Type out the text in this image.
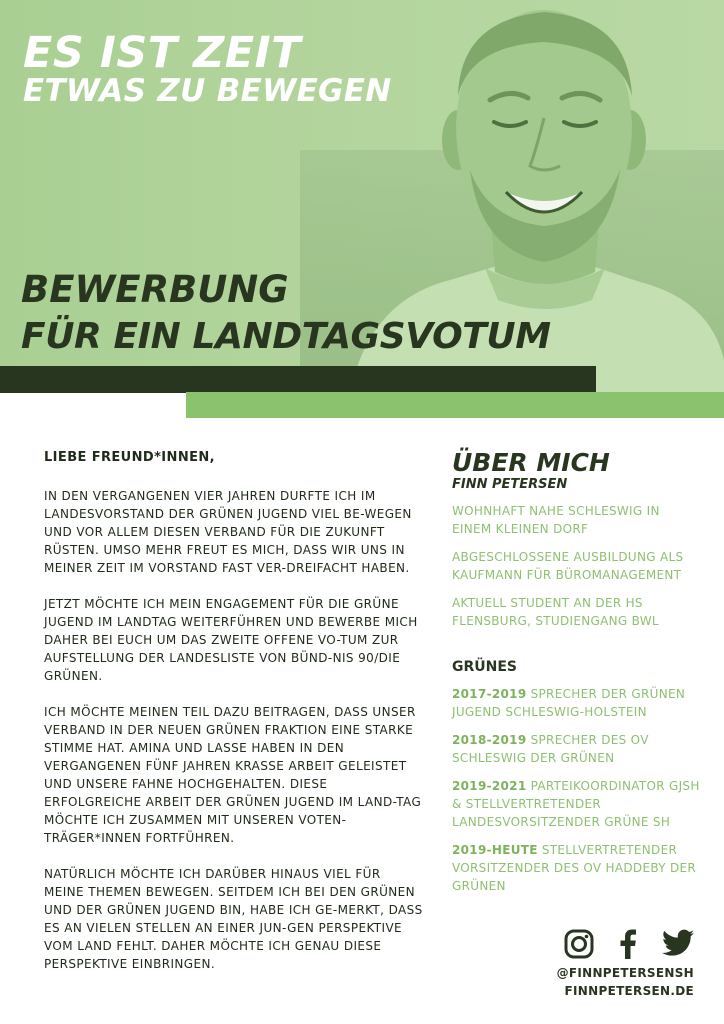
ES IST ZEIT
ETWAS ZU BEWEGEN
BEWERBUNG
FÜR EIN LANDTAGSVOTUM
LIEBE FREUND*INNEN,
IN DEN VERGANGENEN VIER JAHREN DURFTE ICH IM LANDESVORSTAND DER GRÜNEN JUGEND VIEL BE-WEGEN UND VOR ALLEM DIESEN VERBAND FÜR DIE ZUKUNFT RÜSTEN. UMSO MEHR FREUT ES MICH, DASS WIR UNS IN MEINER ZEIT IM VORSTAND FAST VER-DREIFACHT HABEN.
JETZT MÖCHTE ICH MEIN ENGAGEMENT FÜR DIE GRÜNE JUGEND IM LANDTAG WEITERFÜHREN UND BEWERBE MICH DAHER BEI EUCH UM DAS ZWEITE OFFENE VO-TUM ZUR AUFSTELLUNG DER LANDESLISTE VON BÜND-NIS 90/DIE GRÜNEN.
ICH MÖCHTE MEINEN TEIL DAZU BEITRAGEN, DASS UNSER VERBAND IN DER NEUEN GRÜNEN FRAKTION EINE STARKE STIMME HAT. AMINA UND LASSE HABEN IN DEN VERGANGENEN FÜNF JAHREN KRASSE ARBEIT GELEISTET UND UNSERE FAHNE HOCHGEHALTEN. DIESE ERFOLGREICHE ARBEIT DER GRÜNEN JUGEND IM LAND-TAG MÖCHTE ICH ZUSAMMEN MIT UNSEREN VOTEN-TRÄGER*INNEN FORTFÜHREN.
NATÜRLICH MÖCHTE ICH DARÜBER HINAUS VIEL FÜR MEINE THEMEN BEWEGEN. SEITDEM ICH BEI DEN GRÜNEN UND DER GRÜNEN JUGEND BIN, HABE ICH GE-MERKT, DASS ES AN VIELEN STELLEN AN EINER JUN-GEN PERSPEKTIVE VOM LAND FEHLT. DAHER MÖCHTE ICH GENAU DIESE PERSPEKTIVE EINBRINGEN.
ÜBER MICH
FINN PETERSEN
WOHNHAFT NAHE SCHLESWIG IN EINEM KLEINEN DORF
ABGESCHLOSSENE AUSBILDUNG ALS KAUFMANN FÜR BÜROMANAGEMENT
AKTUELL STUDENT AN DER HS FLENSBURG, STUDIENGANG BWL
GRÜNES
2017-2019 SPRECHER DER GRÜNEN JUGEND SCHLESWIG-HOLSTEIN
2018-2019 SPRECHER DES OV SCHLESWIG DER GRÜNEN
2019-2021 PARTEIKOORDINATOR GJSH & STELLVERTRETENDER LANDESVORSITZENDER GRÜNE SH
2019-HEUTE STELLVERTRETENDER VORSITZENDER DES OV HADDEBY DER GRÜNEN
@FINNPETERSENSH
FINNPETERSEN.DE
